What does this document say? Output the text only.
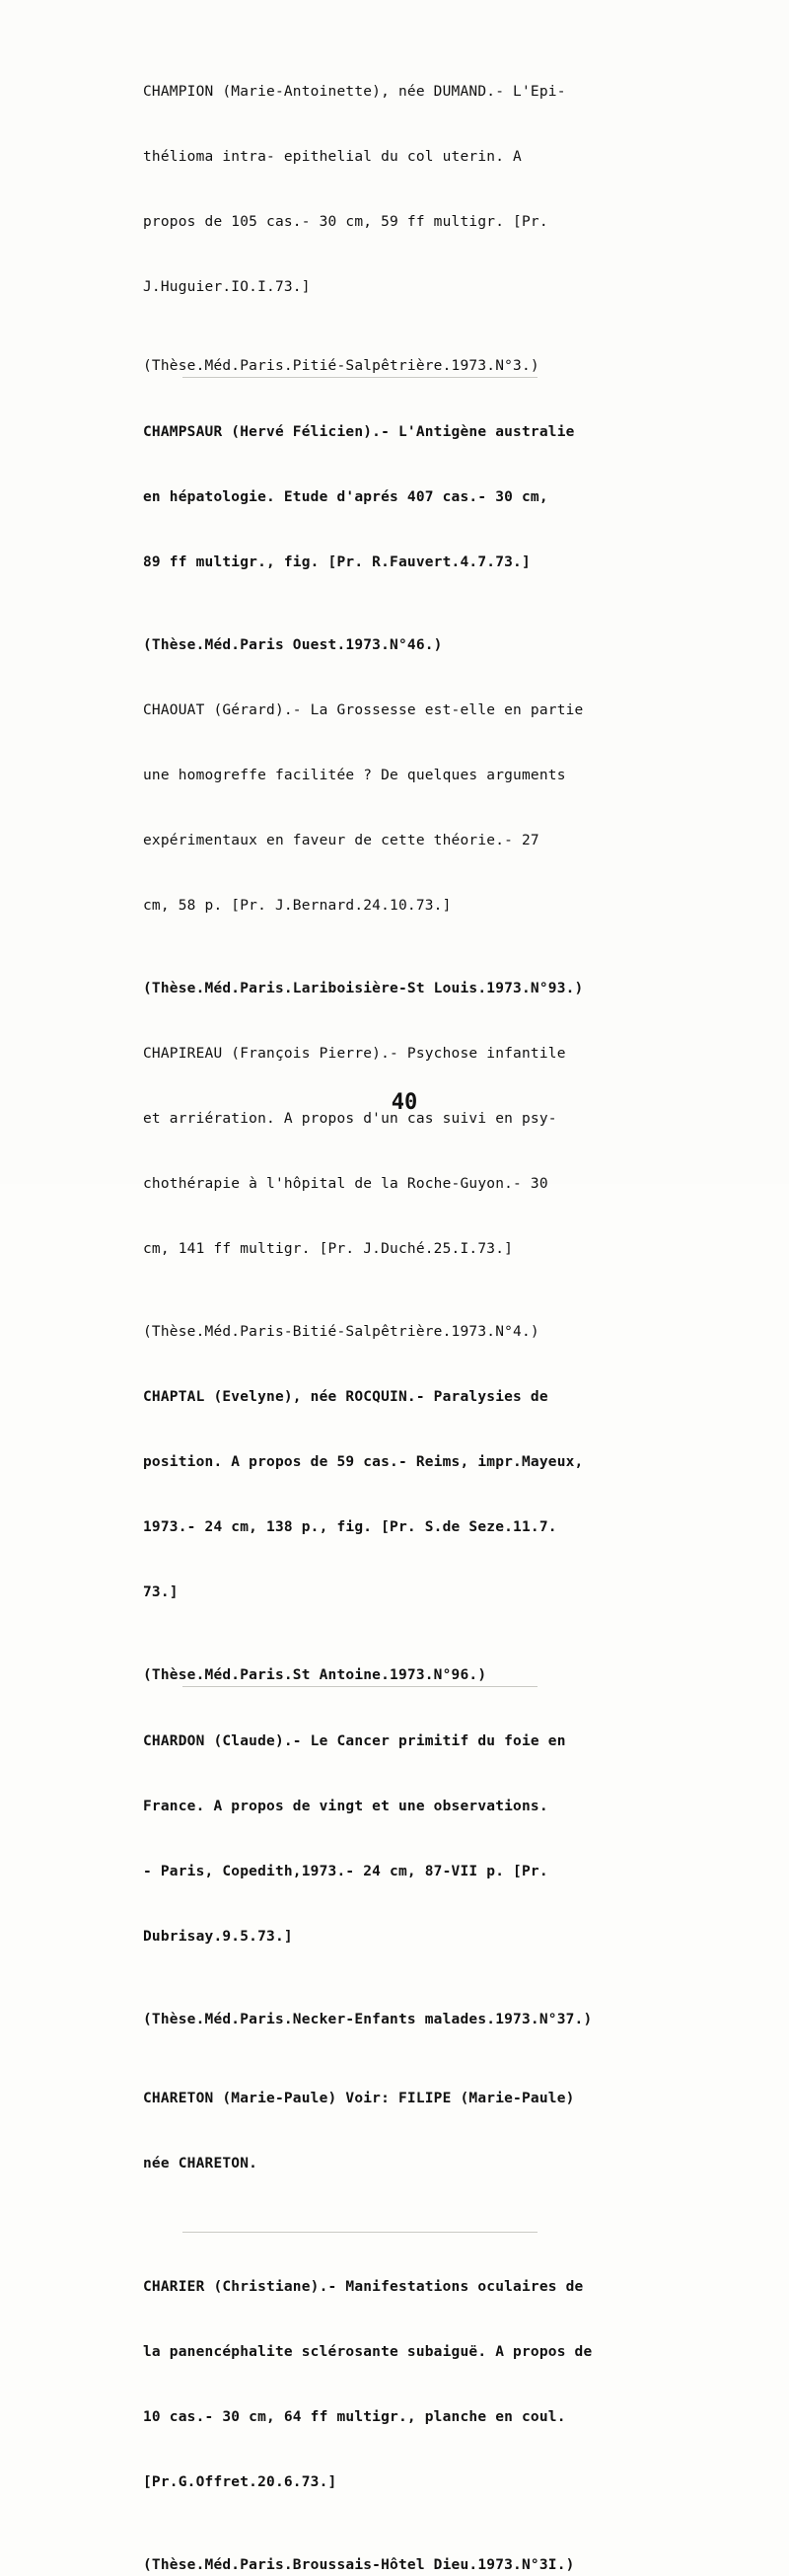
CHAMPION (Marie-Antoinette), née DUMAND.- L'Epi-

thélioma intra- epithelial du col uterin. A

propos de 105 cas.- 30 cm, 59 ff multigr. [Pr.

J.Huguier.IO.I.73.]

(Thèse.Méd.Paris.Pitié-Salpêtrière.1973.N°3.)

CHAMPSAUR (Hervé Félicien).- L'Antigène australie

en hépatologie. Etude d'aprés 407 cas.- 30 cm,

89 ff multigr., fig. [Pr. R.Fauvert.4.7.73.]

(Thèse.Méd.Paris Ouest.1973.N°46.)

CHAOUAT (Gérard).- La Grossesse est-elle en partie

une homogreffe facilitée ? De quelques arguments

expérimentaux en faveur de cette théorie.- 27

cm, 58 p. [Pr. J.Bernard.24.10.73.]

(Thèse.Méd.Paris.Lariboisière-St Louis.1973.N°93.)

CHAPIREAU (François Pierre).- Psychose infantile

et arriération. A propos d'un cas suivi en psy-

chothérapie à l'hôpital de la Roche-Guyon.- 30

cm, 141 ff multigr. [Pr. J.Duché.25.I.73.]

(Thèse.Méd.Paris-Bitié-Salpêtrière.1973.N°4.)

CHAPTAL (Evelyne), née ROCQUIN.- Paralysies de

position. A propos de 59 cas.- Reims, impr.Mayeux,

1973.- 24 cm, 138 p., fig. [Pr. S.de Seze.11.7.

73.]

(Thèse.Méd.Paris.St Antoine.1973.N°96.)

CHARDON (Claude).- Le Cancer primitif du foie en

France. A propos de vingt et une observations.

- Paris, Copedith,1973.- 24 cm, 87-VII p. [Pr.

Dubrisay.9.5.73.]

(Thèse.Méd.Paris.Necker-Enfants malades.1973.N°37.)

CHARETON (Marie-Paule) Voir: FILIPE (Marie-Paule)

née CHARETON.

CHARIER (Christiane).- Manifestations oculaires de

la panencéphalite sclérosante subaiguë. A propos de

10 cas.- 30 cm, 64 ff multigr., planche en coul.

[Pr.G.Offret.20.6.73.]

(Thèse.Méd.Paris.Broussais-Hôtel Dieu.1973.N°3I.)
40
